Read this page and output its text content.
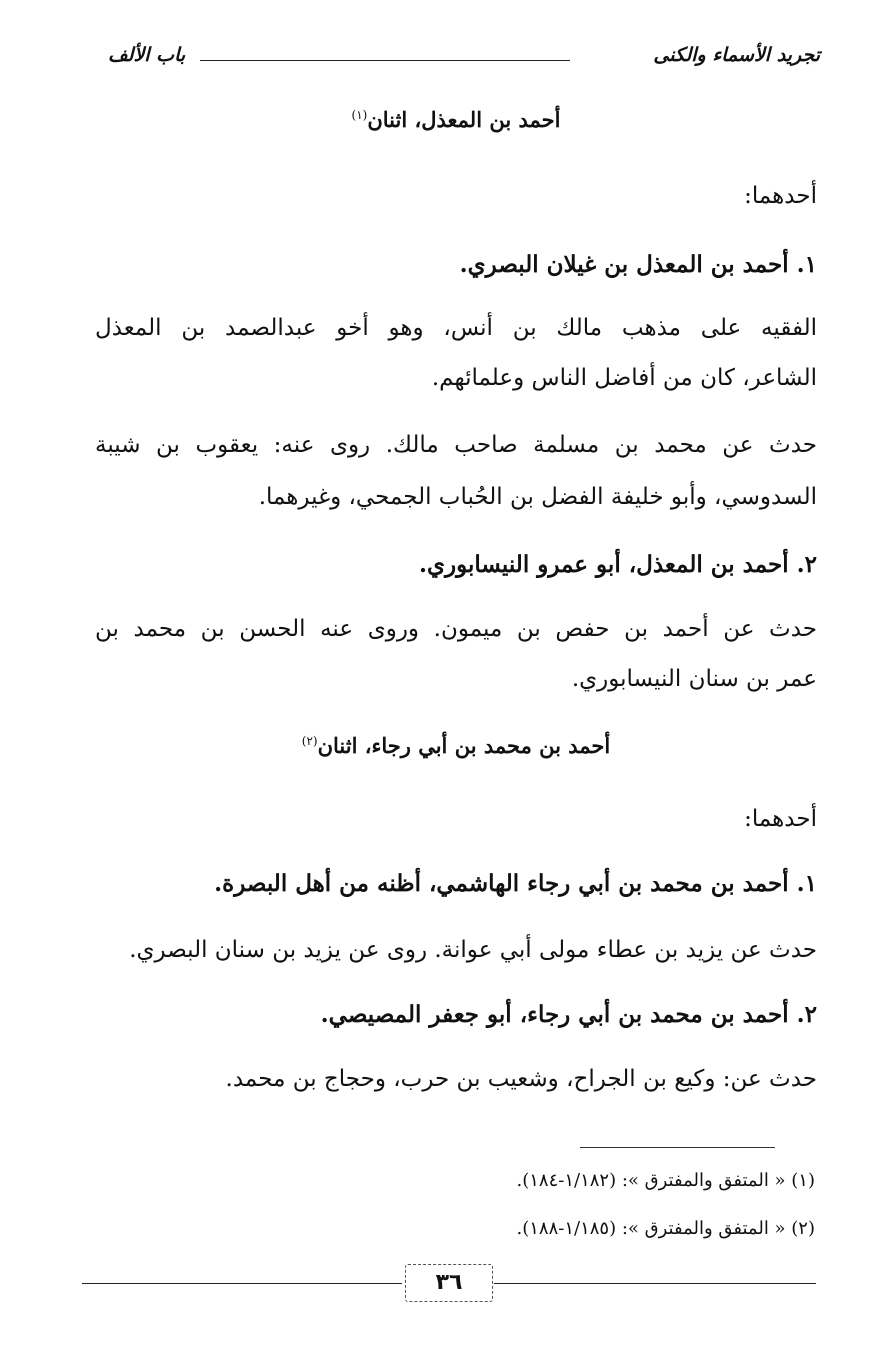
تجريد الأسماء والكنى
باب الألف
أحمد بن المعذل، اثنان$^{(١)}$
أحدهما:
١. أحمد بن المعذل بن غيلان البصري.
الفقيه على مذهب مالك بن أنس، وهو أخو عبدالصمد بن المعذل
الشاعر، كان من أفاضل الناس وعلمائهم.
حدث عن محمد بن مسلمة صاحب مالك. روى عنه: يعقوب بن شيبة
السدوسي، وأبو خليفة الفضل بن الحُباب الجمحي، وغيرهما.
٢. أحمد بن المعذل، أبو عمرو النيسابوري.
حدث عن أحمد بن حفص بن ميمون. وروى عنه الحسن بن محمد بن
عمر بن سنان النيسابوري.
أحمد بن محمد بن أبي رجاء، اثنان$^{(٢)}$
أحدهما:
١. أحمد بن محمد بن أبي رجاء الهاشمي، أظنه من أهل البصرة.
حدث عن يزيد بن عطاء مولى أبي عوانة. روى عن يزيد بن سنان البصري.
٢. أحمد بن محمد بن أبي رجاء، أبو جعفر المصيصي.
حدث عن: وكيع بن الجراح، وشعيب بن حرب، وحجاج بن محمد.
(١) « المتفق والمفترق »: (١/١٨٢-١٨٤).
(٢) « المتفق والمفترق »: (١/١٨٥-١٨٨).
٣٦
